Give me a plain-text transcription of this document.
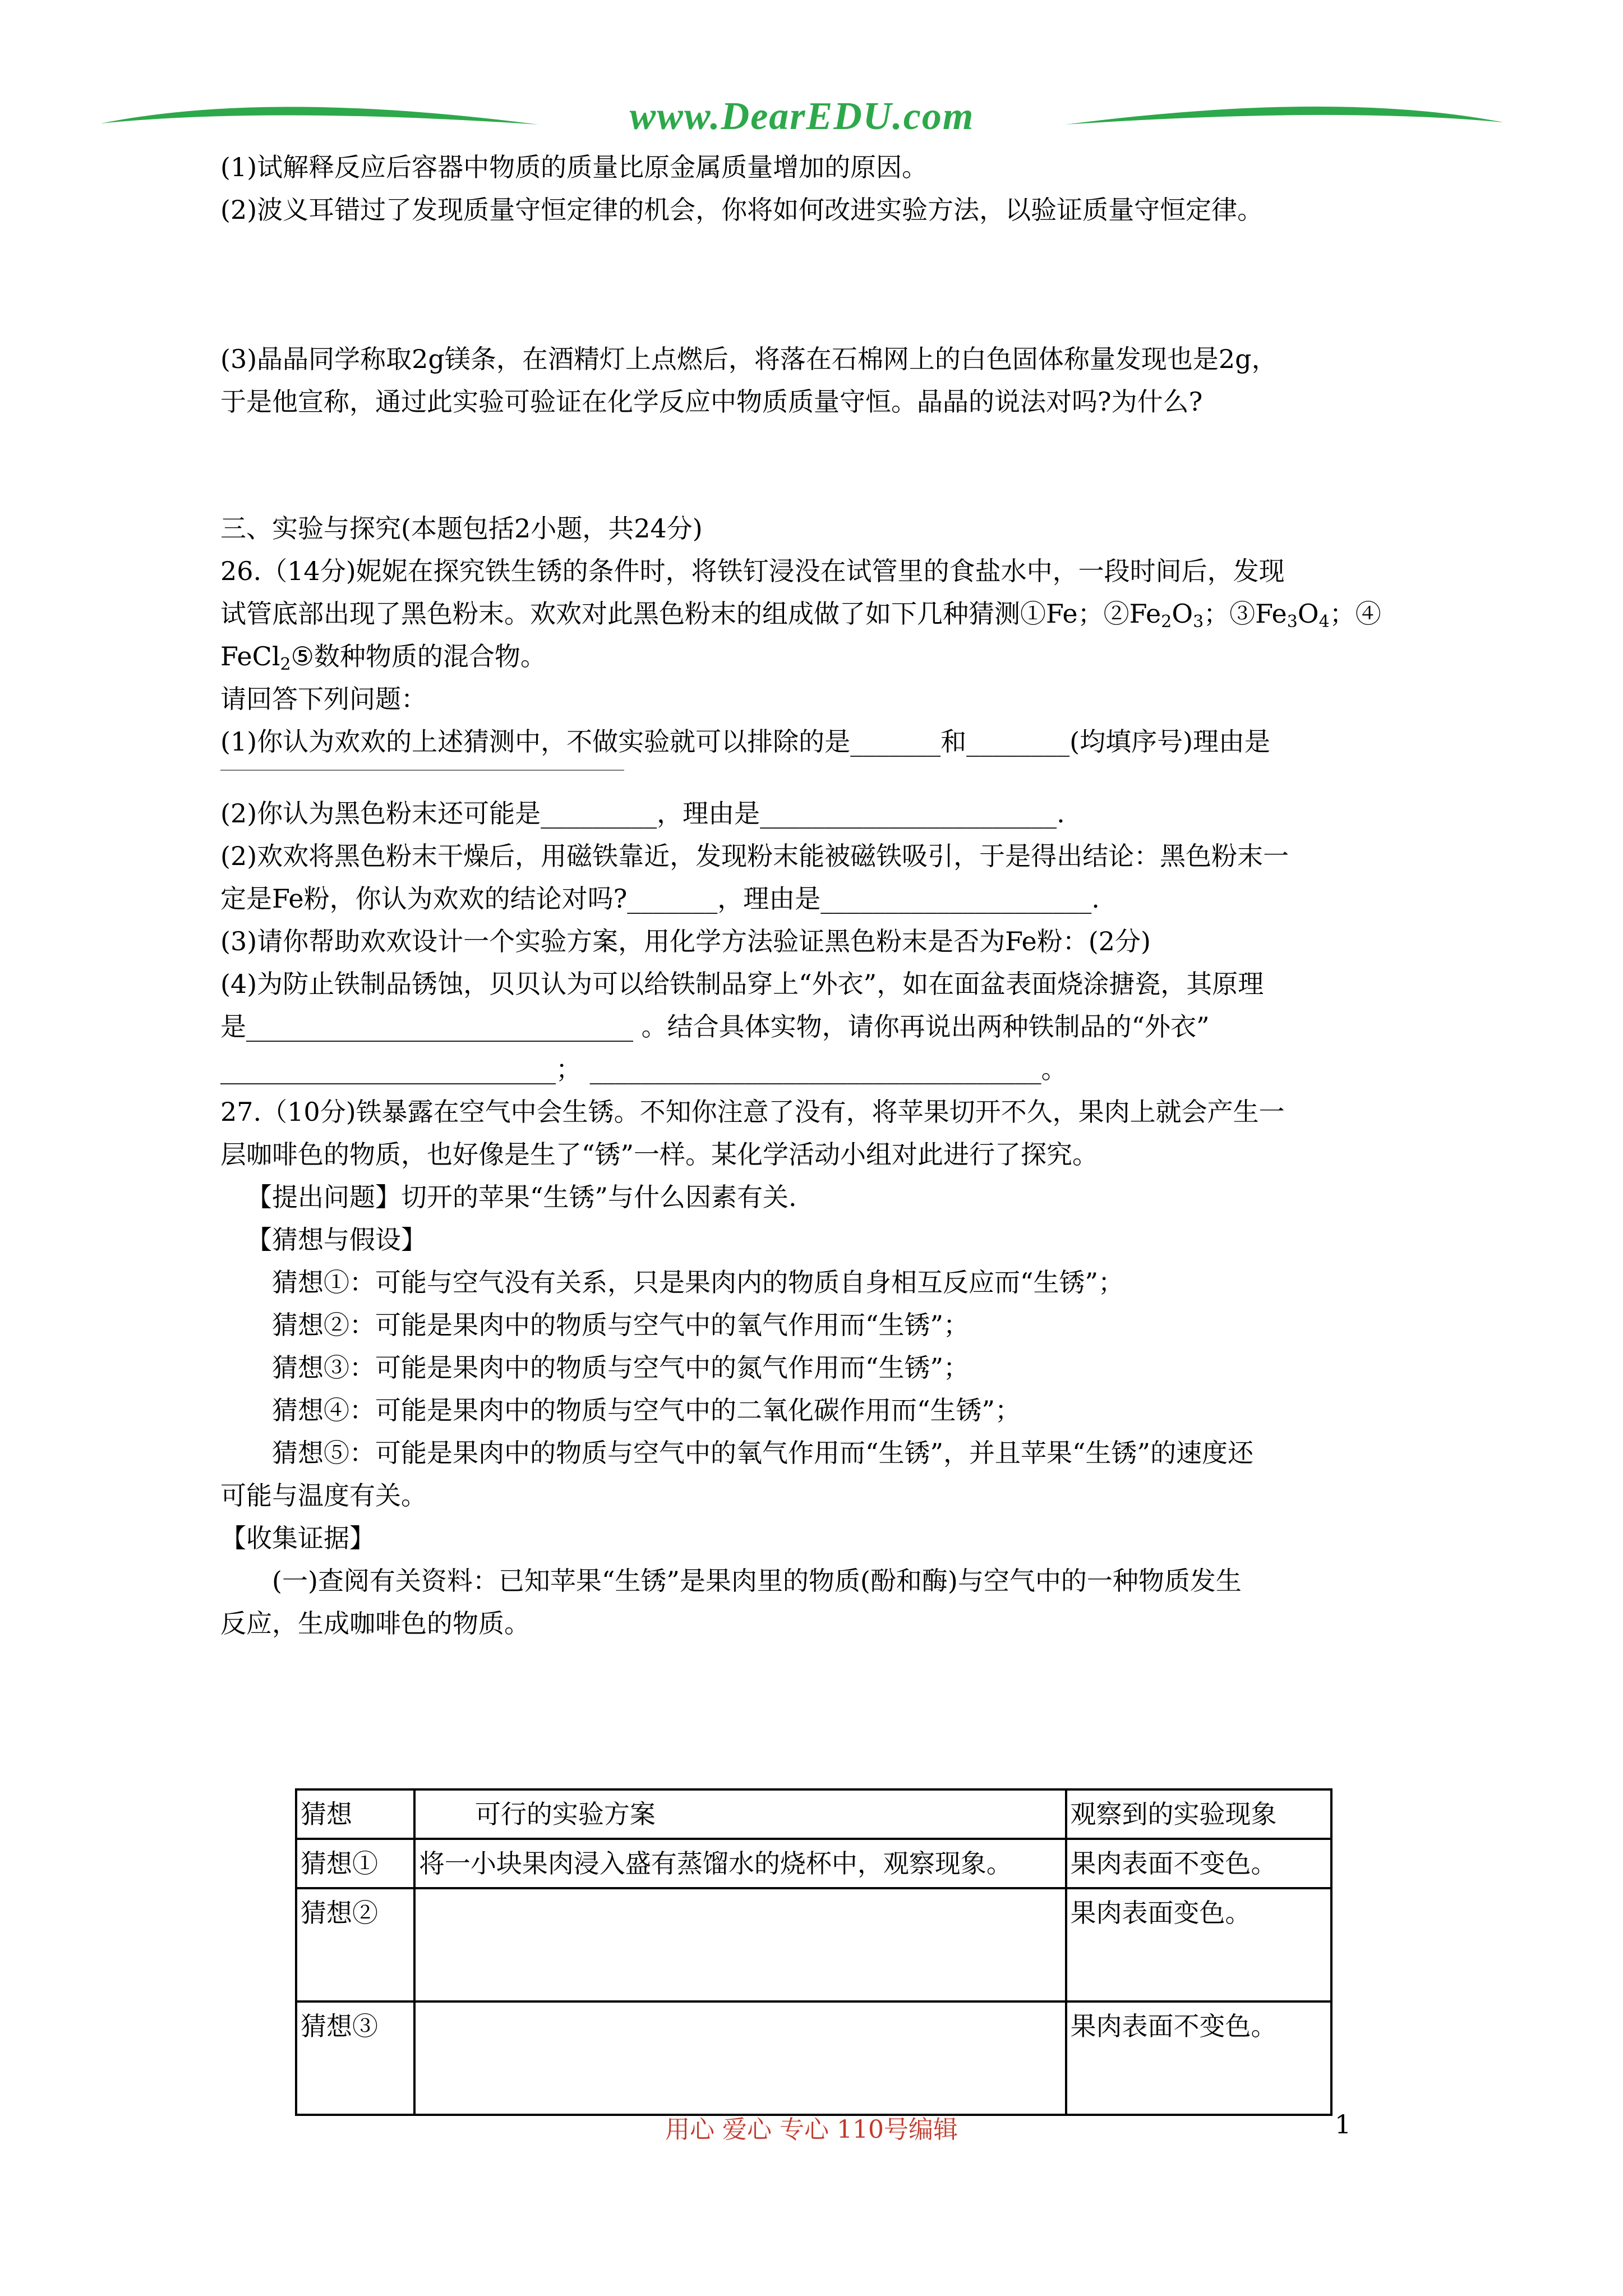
www.DearEDU.com

(1)试解释反应后容器中物质的质量比原金属质量增加的原因。

(2)波义耳错过了发现质量守恒定律的机会，你将如何改进实验方法，以验证质量守恒定律。

(3)晶晶同学称取2g镁条，在酒精灯上点燃后，将落在石棉网上的白色固体称量发现也是2g，

于是他宣称，通过此实验可验证在化学反应中物质质量守恒。晶晶的说法对吗?为什么?

三、实验与探究(本题包括2小题，共24分)

26.（14分)妮妮在探究铁生锈的条件时，将铁钉浸没在试管里的食盐水中，一段时间后，发现

试管底部出现了黑色粉末。欢欢对此黑色粉末的组成做了如下几种猜测①Fe；$②Fe_2O_3$；$③Fe_3O_4$；④

FeCl$_2$⑤数种物质的混合物。

请回答下列问题：

(1)你认为欢欢的上述猜测中，不做实验就可以排除的是_______和________(均填序号)理由是

(2)你认为黑色粉末还可能是_________，理由是_______________________.

(2)欢欢将黑色粉末干燥后，用磁铁靠近，发现粉末能被磁铁吸引，于是得出结论：黑色粉末一

定是Fe粉，你认为欢欢的结论对吗?_______，理由是_____________________.

(3)请你帮助欢欢设计一个实验方案，用化学方法验证黑色粉末是否为Fe粉：(2分)

(4)为防止铁制品锈蚀，贝贝认为可以给铁制品穿上“外衣”，如在面盆表面烧涂搪瓷，其原理

是______________________________ 。结合具体实物，请你再说出两种铁制品的“外衣”

__________________________； ___________________________________。

27.（10分)铁暴露在空气中会生锈。不知你注意了没有，将苹果切开不久，果肉上就会产生一

层咖啡色的物质，也好像是生了“锈”一样。某化学活动小组对此进行了探究。

【提出问题】切开的苹果“生锈”与什么因素有关.

【猜想与假设】

猜想①：可能与空气没有关系，只是果肉内的物质自身相互反应而“生锈”；

猜想②：可能是果肉中的物质与空气中的氧气作用而“生锈”；

猜想③：可能是果肉中的物质与空气中的氮气作用而“生锈”；

猜想④：可能是果肉中的物质与空气中的二氧化碳作用而“生锈”；

猜想⑤：可能是果肉中的物质与空气中的氧气作用而“生锈”，并且苹果“生锈”的速度还

可能与温度有关。

【收集证据】

(一)查阅有关资料：已知苹果“生锈”是果肉里的物质(酚和酶)与空气中的一种物质发生

反应，生成咖啡色的物质。

猜想	可行的实验方案	观察到的实验现象
猜想①	将一小块果肉浸入盛有蒸馏水的烧杯中，观察现象。	果肉表面不变色。
猜想②		果肉表面变色。
猜想③		果肉表面不变色。
用心 爱心 专心 110号编辑	1
